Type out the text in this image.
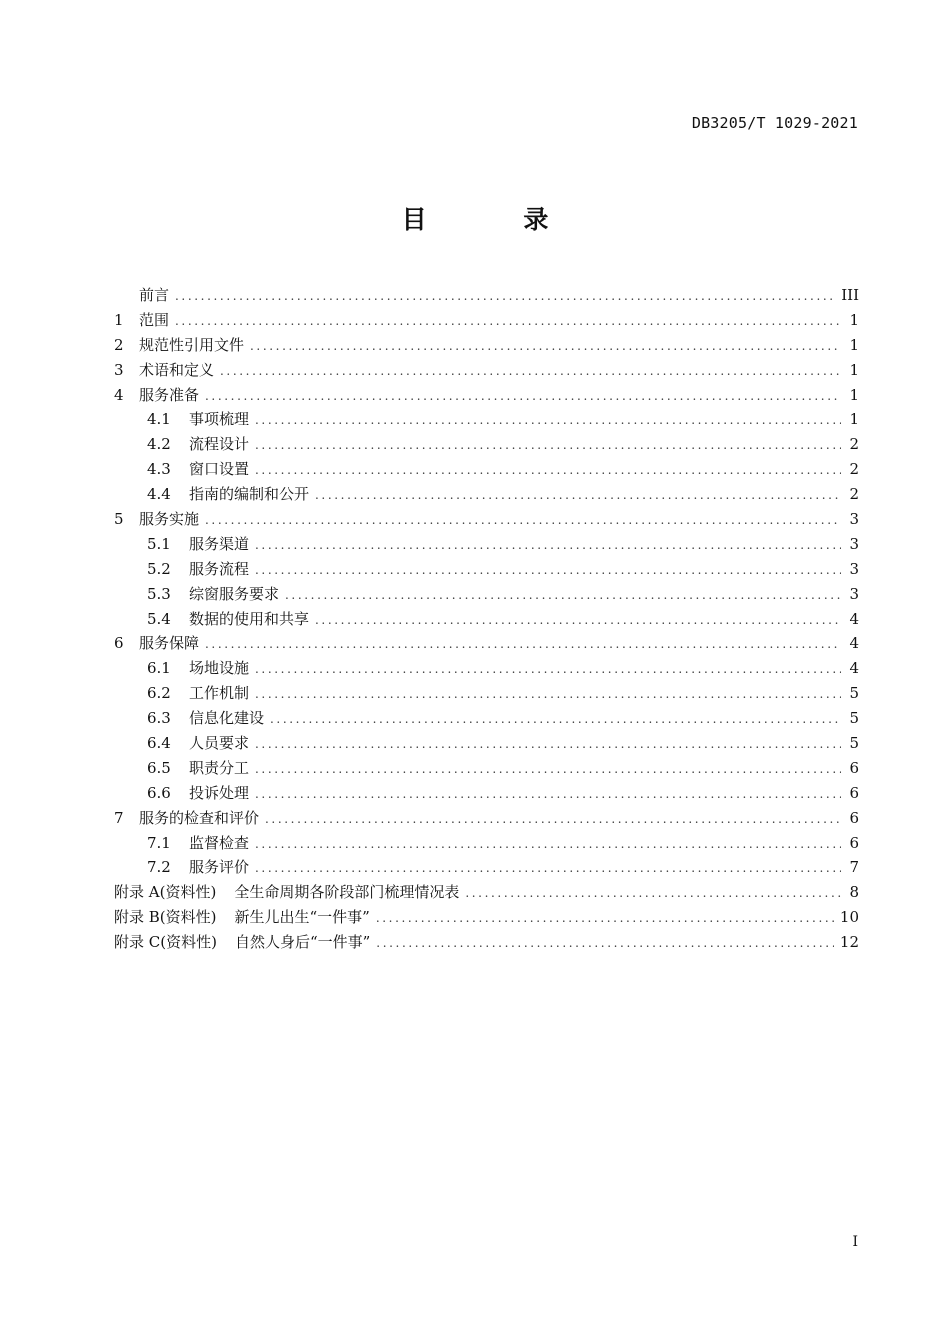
DB3205/T 1029-2021
目 录
前言 .....	III
1	范围 .....	1
2	规范性引用文件 .....	1
3	术语和定义 .....	1
4	服务准备 .....	1
4.1	事项梳理 .....	1
4.2	流程设计 .....	2
4.3	窗口设置 .....	2
4.4	指南的编制和公开 .....	2
5	服务实施 .....	3
5.1	服务渠道 .....	3
5.2	服务流程 .....	3
5.3	综窗服务要求 .....	3
5.4	数据的使用和共享 .....	4
6	服务保障 .....	4
6.1	场地设施 .....	4
6.2	工作机制 .....	5
6.3	信息化建设 .....	5
6.4	人员要求 .....	5
6.5	职责分工 .....	6
6.6	投诉处理 .....	6
7	服务的检查和评价 .....	6
7.1	监督检查 .....	6
7.2	服务评价 .....	7
附录 A(资料性) 全生命周期各阶段部门梳理情况表 .....	8
附录 B(资料性) 新生儿出生“一件事” .....	10
附录 C(资料性) 自然人身后“一件事” .....	12
I
